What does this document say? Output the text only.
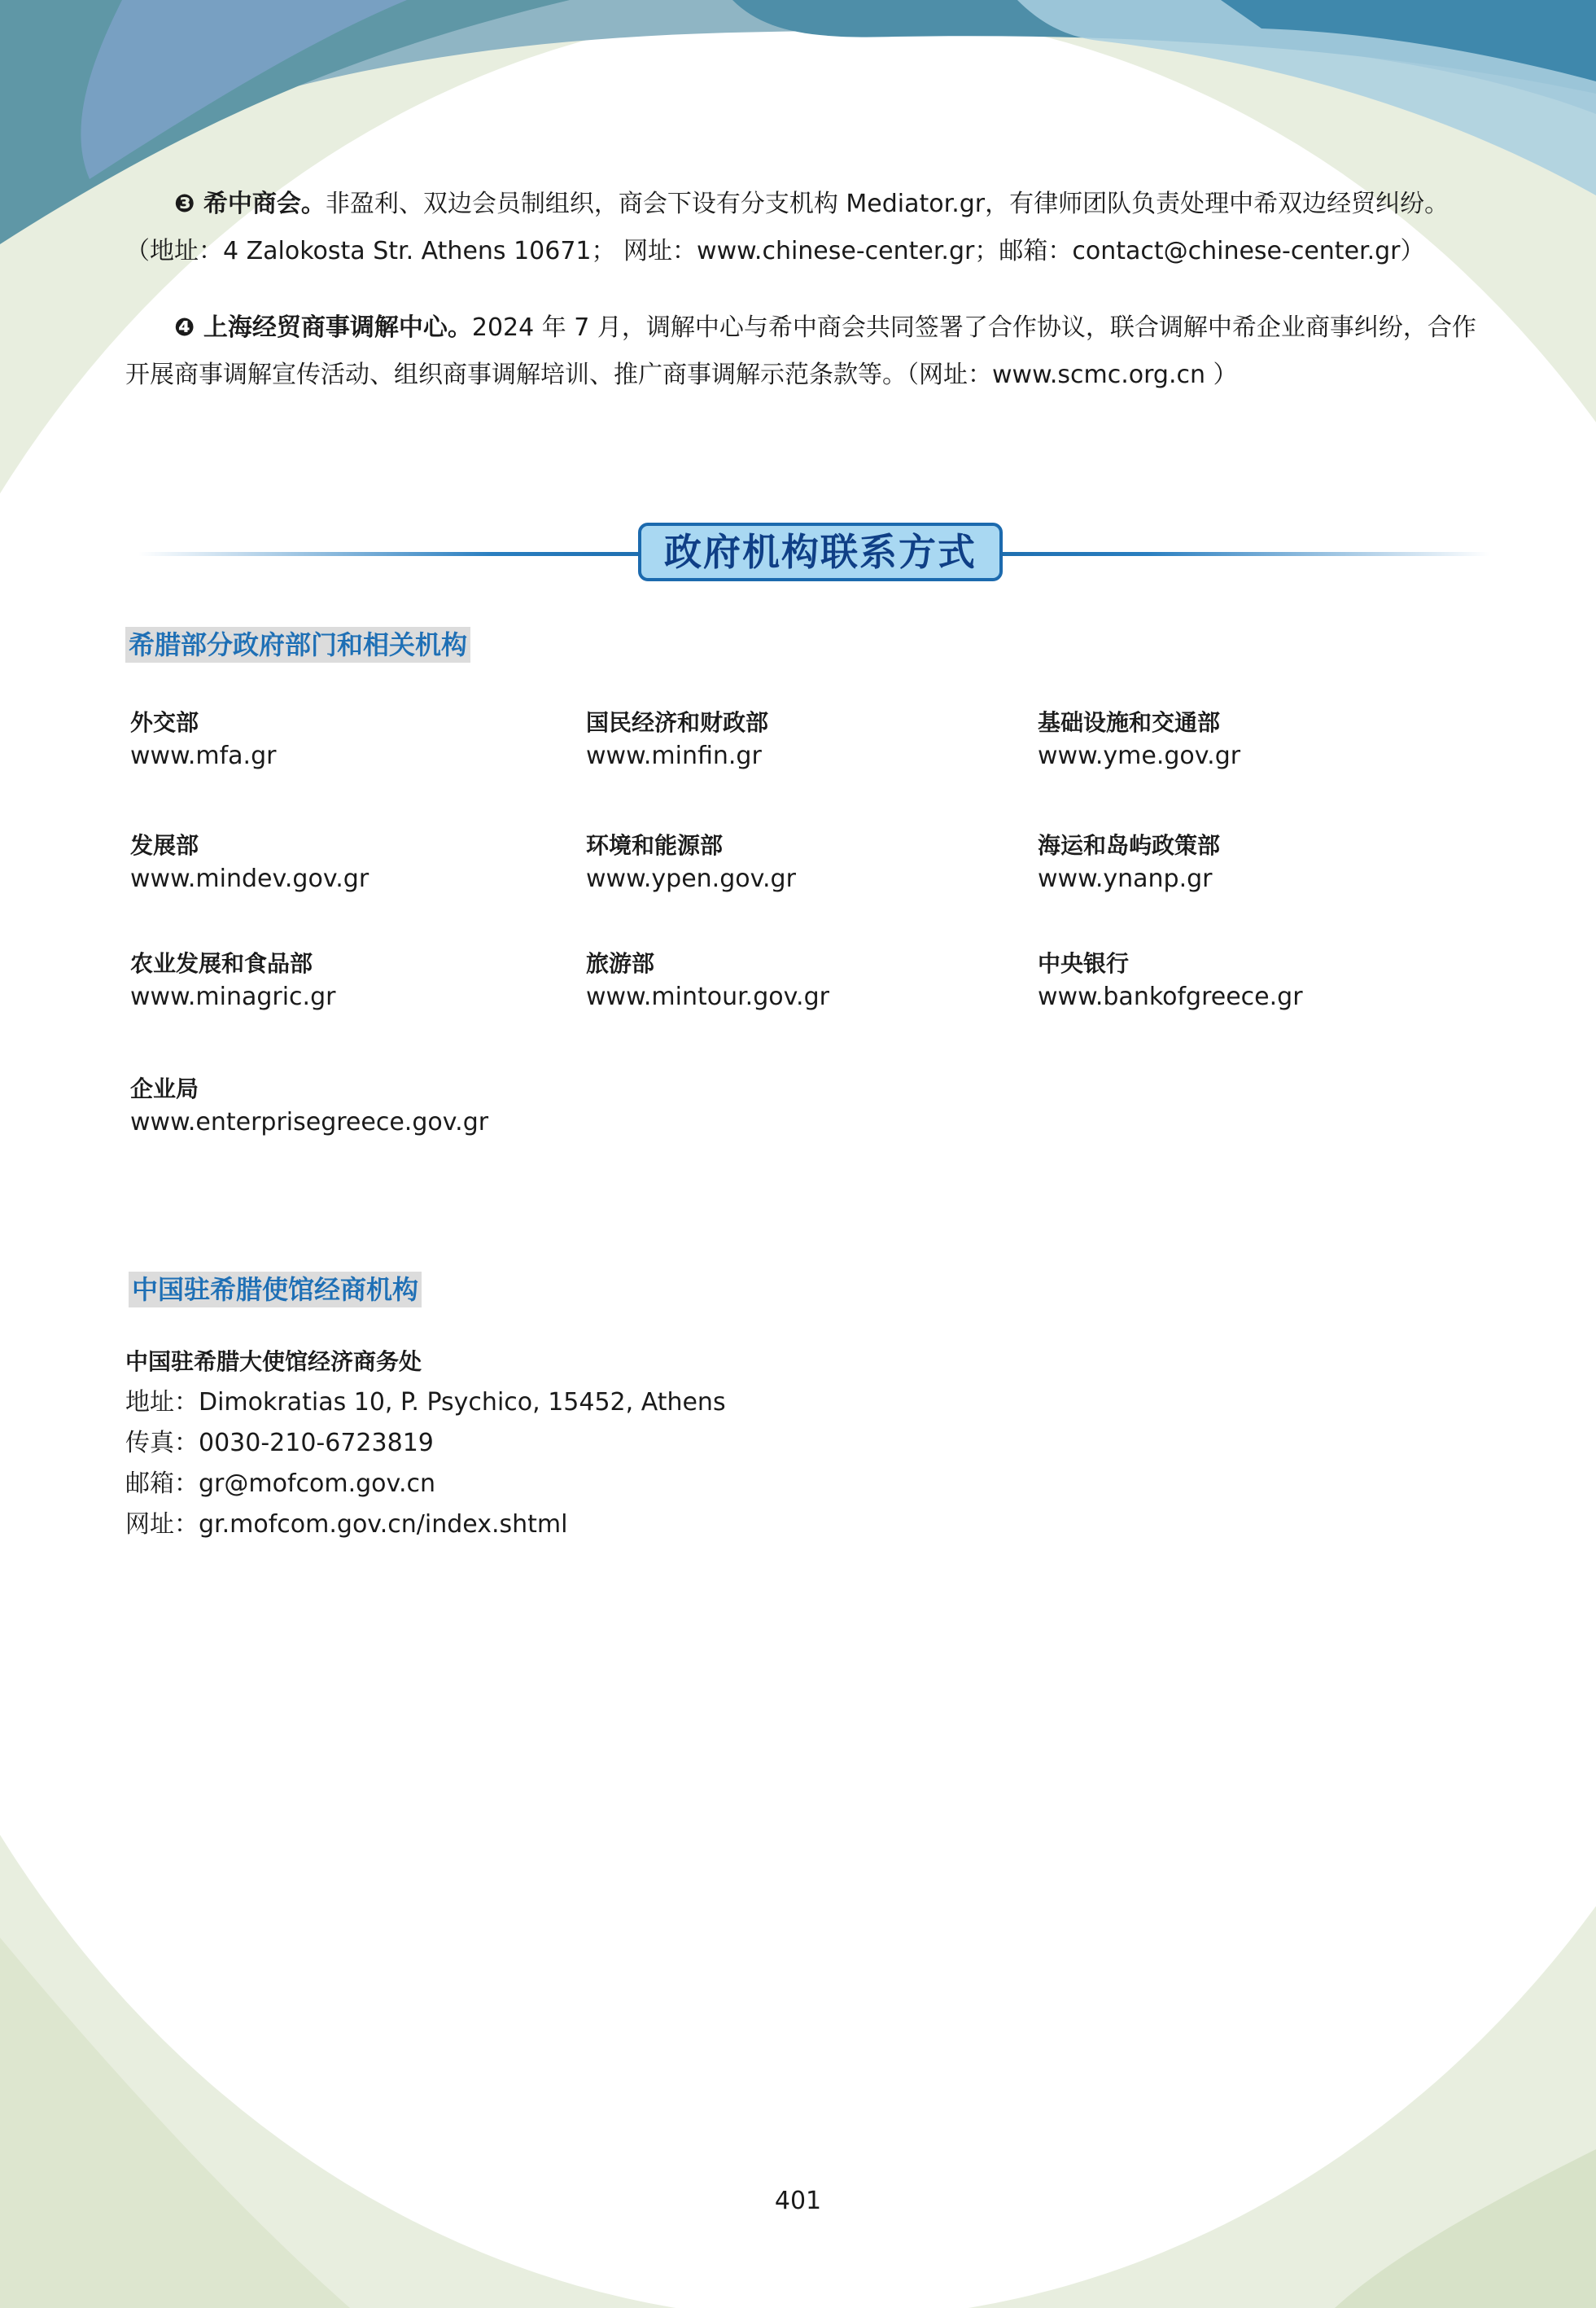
❸ 希中商会。非盈利、双边会员制组织，商会下设有分支机构 Mediator.gr，有律师团队负责处理中希双边经贸纠纷。（地址：4 Zalokosta Str. Athens 10671； 网址：www.chinese-center.gr；邮箱：contact@chinese-center.gr）

❹ 上海经贸商事调解中心。2024 年 7 月，调解中心与希中商会共同签署了合作协议，联合调解中希企业商事纠纷，合作开展商事调解宣传活动、组织商事调解培训、推广商事调解示范条款等。（网址：www.scmc.org.cn ）

政府机构联系方式
希腊部分政府部门和相关机构
外交部
www.mfa.gr
国民经济和财政部
www.minfin.gr
基础设施和交通部
www.yme.gov.gr
发展部
www.mindev.gov.gr
环境和能源部
www.ypen.gov.gr
海运和岛屿政策部
www.ynanp.gr
农业发展和食品部
www.minagric.gr
旅游部
www.mintour.gov.gr
中央银行
www.bankofgreece.gr
企业局
www.enterprisegreece.gov.gr
中国驻希腊使馆经商机构
中国驻希腊大使馆经济商务处
地址：Dimokratias 10, P. Psychico, 15452, Athens
传真：0030-210-6723819
邮箱：gr@mofcom.gov.cn
网址：gr.mofcom.gov.cn/index.shtml
401
